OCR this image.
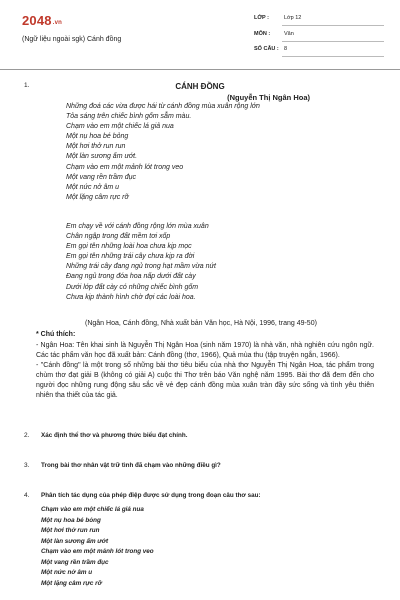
2048.vn
(Ngữ liệu ngoài sgk) Cánh đồng
LỚP :	Lớp 12
MÔN :	Văn
SỐ CÂU : 8
1.	CÁNH ĐỒNG
(Nguyễn Thị Ngân Hoa)
Những đoá các vừa được hái từ cánh đồng mùa xuân rộng lớn
Tỏa sáng trên chiếc bình gốm sẫm màu.
Chạm vào em một chiếc lá giả nua
Một nụ hoa bé bỏng
Một hơi thở run run
Một làn sương ấm ướt.
Chạm vào em một mảnh lót trong veo
Một vang rền trầm đục
Một nức nở âm u
Một lặng câm rực rỡ
Em chạy về với cánh đồng rộng lớn mùa xuân
Chân ngập trong đất mềm tơi xốp
Em gọi tên những loài hoa chưa kịp mọc
Em gọi tên những trái cây chưa kịp ra đời
Những trái cây đang ngủ trong hạt mầm vừa nứt
Đang ngủ trong đóa hoa nấp dưới đất cày
Dưới lớp đất cày có những chiếc bình gốm
Chưa kịp thành hình chờ đợi các loài hoa.
(Ngân Hoa, Cánh đồng, Nhà xuất bản Văn học, Hà Nội, 1996, trang 49-50)
* Chú thích:
- Ngân Hoa: Tên khai sinh là Nguyễn Thị Ngân Hoa (sinh năm 1970) là nhà văn, nhà nghiên cứu ngôn ngữ. Các tác phẩm văn học đã xuất bản: Cánh đồng (thơ, 1966), Quả mùa thu (tập truyện ngắn, 1966).
- "Cánh đồng" là một trong số những bài thơ tiêu biểu của nhà thơ Nguyễn Thị Ngân Hoa, tác phẩm trong chùm thơ đạt giải B (không có giải A) cuộc thi Thơ trên báo Văn nghệ năm 1995. Bài thơ đã đem đến cho người đọc những rung động sâu sắc về vẻ đẹp cánh đồng mùa xuân tràn đầy sức sống và tình yêu thiên nhiên tha thiết của tác giả.
2. Xác định thể thơ và phương thức biểu đạt chính.
3. Trong bài thơ nhân vật trữ tình đã chạm vào những điều gì?
4. Phân tích tác dụng của phép điệp được sử dụng trong đoạn câu thơ sau:
Chạm vào em một chiếc lá giả nua
Một nụ hoa bé bỏng
Một hơi thở run run
Một làn sương ấm ướt
Chạm vào em một mảnh lót trong veo
Một vang rền trầm đục
Một nức nở âm u
Một lặng câm rực rỡ
